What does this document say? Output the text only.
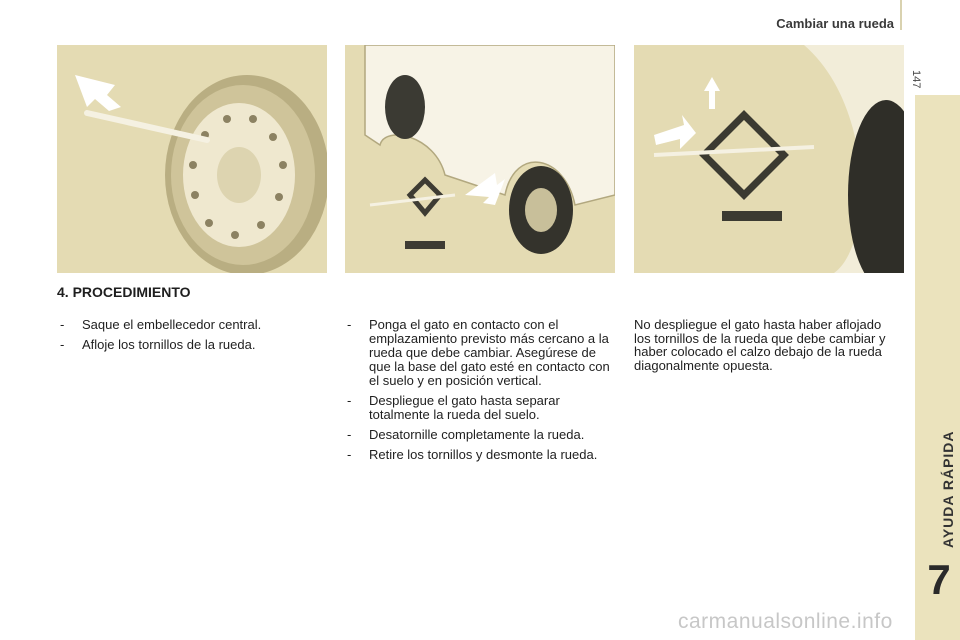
Cambiar una rueda
147
AYUDA RÁPIDA
7
4. PROCEDIMIENTO
- Saque el embellecedor central.
- Afloje los tornillos de la rueda.
- Ponga el gato en contacto con el emplazamiento previsto más cercano a la rueda que debe cambiar. Asegúrese de que la base del gato esté en contacto con el suelo y en posición vertical.
- Despliegue el gato hasta separar totalmente la rueda del suelo.
- Desatornille completamente la rueda.
- Retire los tornillos y desmonte la rueda.

No despliegue el gato hasta haber aflojado los tornillos de la rueda que debe cambiar y haber colocado el calzo debajo de la rueda diagonalmente opuesta.

carmanualsonline.info
